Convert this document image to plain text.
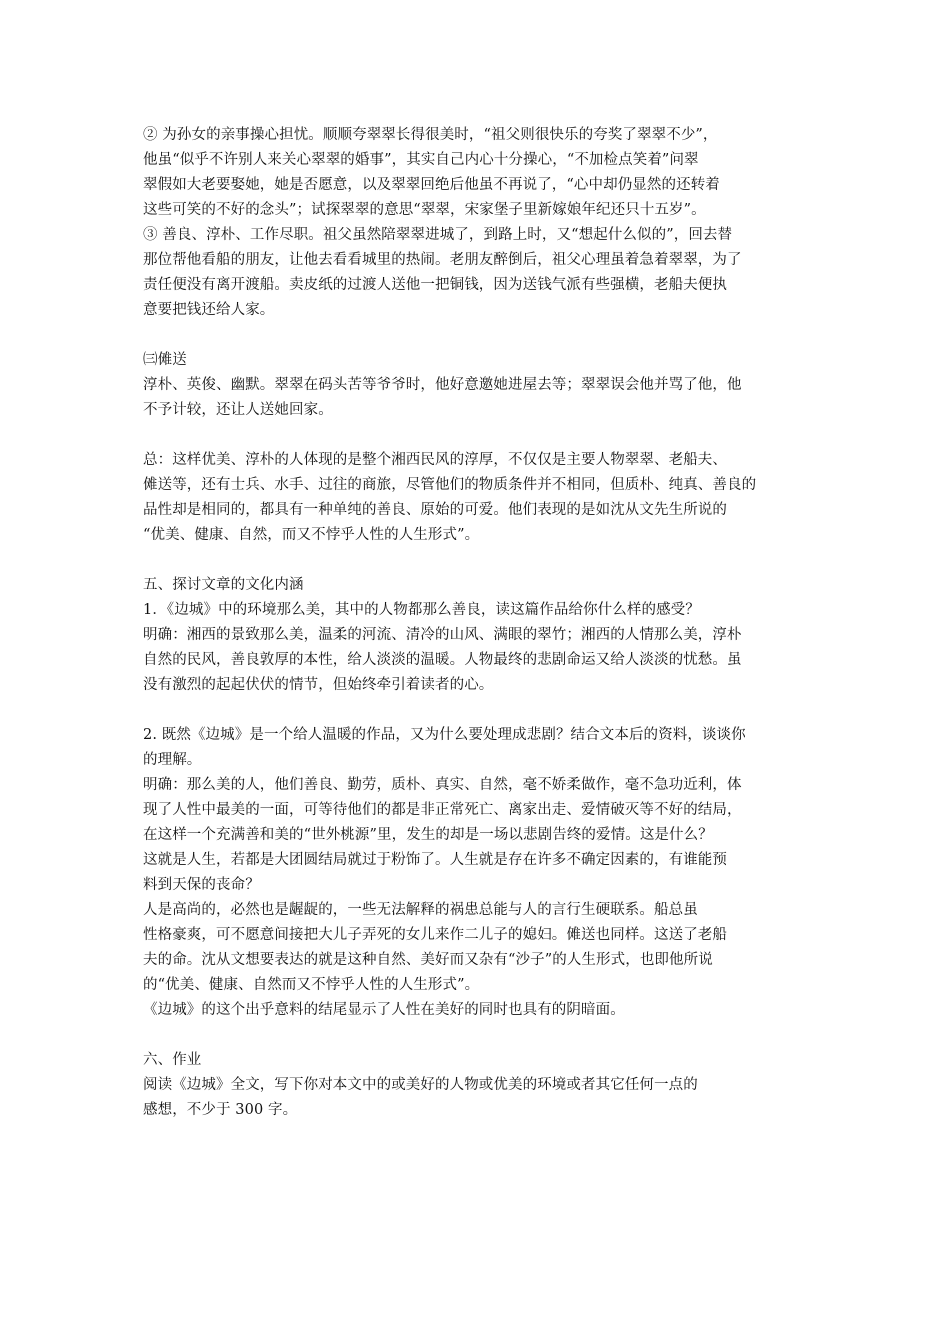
② 为孙女的亲事操心担忧。顺顺夸翠翠长得很美时，“祖父则很快乐的夸奖了翠翠不少”，
他虽“似乎不许别人来关心翠翠的婚事”，其实自己内心十分操心，“不加检点笑着”问翠
翠假如大老要娶她，她是否愿意，以及翠翠回绝后他虽不再说了，“心中却仍显然的还转着
这些可笑的不好的念头”；试探翠翠的意思“翠翠，宋家堡子里新嫁娘年纪还只十五岁”。
③ 善良、淳朴、工作尽职。祖父虽然陪翠翠进城了，到路上时，又“想起什么似的”，回去替
那位帮他看船的朋友，让他去看看城里的热闹。老朋友醉倒后，祖父心理虽着急着翠翠，为了
责任便没有离开渡船。卖皮纸的过渡人送他一把铜钱，因为送钱气派有些强横，老船夫便执
意要把钱还给人家。
㈢傩送
淳朴、英俊、幽默。翠翠在码头苦等爷爷时，他好意邀她进屋去等；翠翠误会他并骂了他，他
不予计较，还让人送她回家。
总：这样优美、淳朴的人体现的是整个湘西民风的淳厚，不仅仅是主要人物翠翠、老船夫、
傩送等，还有士兵、水手、过往的商旅，尽管他们的物质条件并不相同，但质朴、纯真、善良的
品性却是相同的，都具有一种单纯的善良、原始的可爱。他们表现的是如沈从文先生所说的
“优美、健康、自然，而又不悖乎人性的人生形式”。
五、探讨文章的文化内涵
1．《边城》中的环境那么美，其中的人物都那么善良，读这篇作品给你什么样的感受？
明确：湘西的景致那么美，温柔的河流、清冷的山风、满眼的翠竹；湘西的人情那么美，淳朴
自然的民风，善良敦厚的本性，给人淡淡的温暖。人物最终的悲剧命运又给人淡淡的忧愁。虽
没有激烈的起起伏伏的情节，但始终牵引着读者的心。
2. 既然《边城》是一个给人温暖的作品，又为什么要处理成悲剧？结合文本后的资料，谈谈你
的理解。
明确：那么美的人，他们善良、勤劳，质朴、真实、自然，毫不娇柔做作，毫不急功近利，体
现了人性中最美的一面，可等待他们的都是非正常死亡、离家出走、爱情破灭等不好的结局，
在这样一个充满善和美的“世外桃源”里，发生的却是一场以悲剧告终的爱情。这是什么？
这就是人生，若都是大团圆结局就过于粉饰了。人生就是存在许多不确定因素的，有谁能预
料到天保的丧命？
人是高尚的，必然也是龌龊的，一些无法解释的祸患总能与人的言行生硬联系。船总虽
性格豪爽，可不愿意间接把大儿子弄死的女儿来作二儿子的媳妇。傩送也同样。这送了老船
夫的命。沈从文想要表达的就是这种自然、美好而又杂有“沙子”的人生形式，也即他所说
的“优美、健康、自然而又不悖乎人性的人生形式”。
《边城》的这个出乎意料的结尾显示了人性在美好的同时也具有的阴暗面。
六、作业
阅读《边城》全文，写下你对本文中的或美好的人物或优美的环境或者其它任何一点的
感想，不少于 300 字。
